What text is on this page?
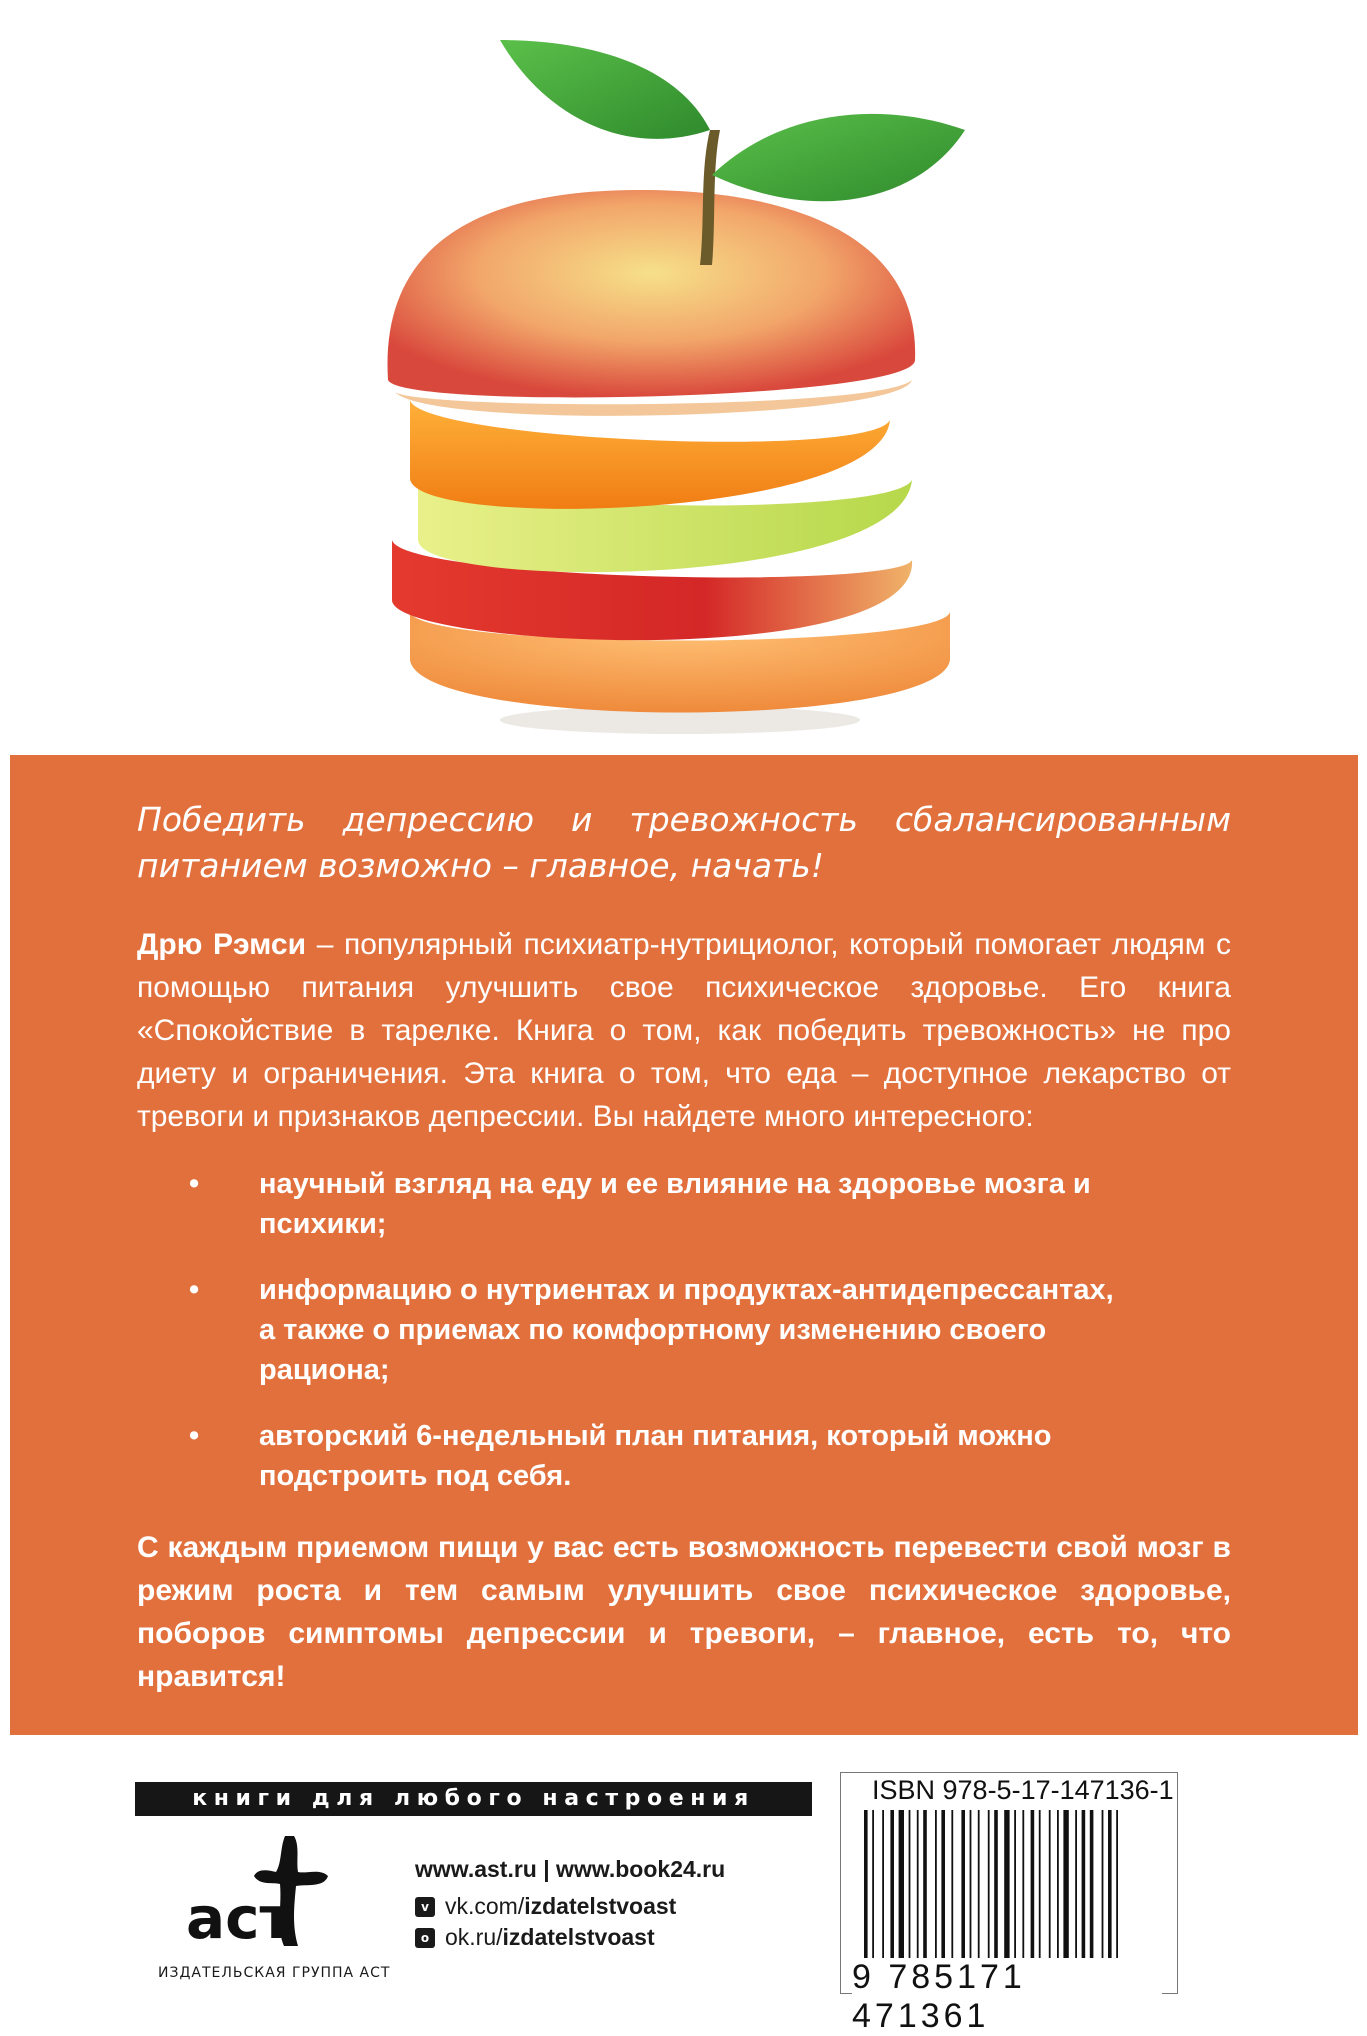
Победить депрессию и тревожность сбалансированным питанием возможно – главное, начать!

Дрю Рэмси – популярный психиатр-нутрициолог, который помогает людям с помощью питания улучшить свое психическое здоровье. Его книга «Спокойствие в тарелке. Книга о том, как победить тревожность» не про диету и ограничения. Эта книга о том, что еда – доступное лекарство от тревоги и признаков депрессии. Вы найдете много интересного:

• научный взгляд на еду и ее влияние на здоровье мозга и психики;
• информацию о нутриентах и продуктах-антидепрессантах, а также о приемах по комфортному изменению своего рациона;
• авторский 6-недельный план питания, который можно подстроить под себя.

С каждым приемом пищи у вас есть возможность перевести свой мозг в режим роста и тем самым улучшить свое психическое здоровье, поборов симптомы депрессии и тревоги, – главное, есть то, что нравится!

книги для любого настроения здесь
аст
ИЗДАТЕЛЬСКАЯ ГРУППА АСТ
www.ast.ru | www.book24.ru
v vk.com/ izdatelstvoast
o ok.ru/ izdatelstvoast
ISBN 978-5-17-147136-1
9 785171 471361
